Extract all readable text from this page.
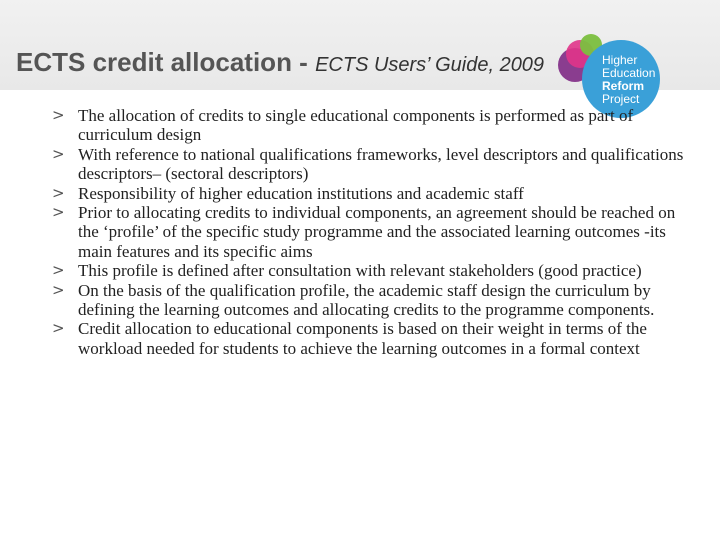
ECTS credit allocation - ECTS Users’ Guide, 2009	Higher
Education
Reform
Project
> The allocation of credits to single educational components is performed as part of curriculum design
> With reference to national qualifications frameworks, level descriptors and qualifications descriptors– (sectoral descriptors)
> Responsibility of higher education institutions and academic staff
> Prior to allocating credits to individual components, an agreement should be reached on the ‘profile’ of the specific study programme and the associated learning outcomes -its main features and its specific aims
> This profile is defined after consultation with relevant stakeholders (good practice)
> On the basis of the qualification profile, the academic staff design the curriculum by defining the learning outcomes and allocating credits to the programme components.
> Credit allocation to educational components is based on their weight in terms of the workload needed for students to achieve the learning outcomes in a formal context
